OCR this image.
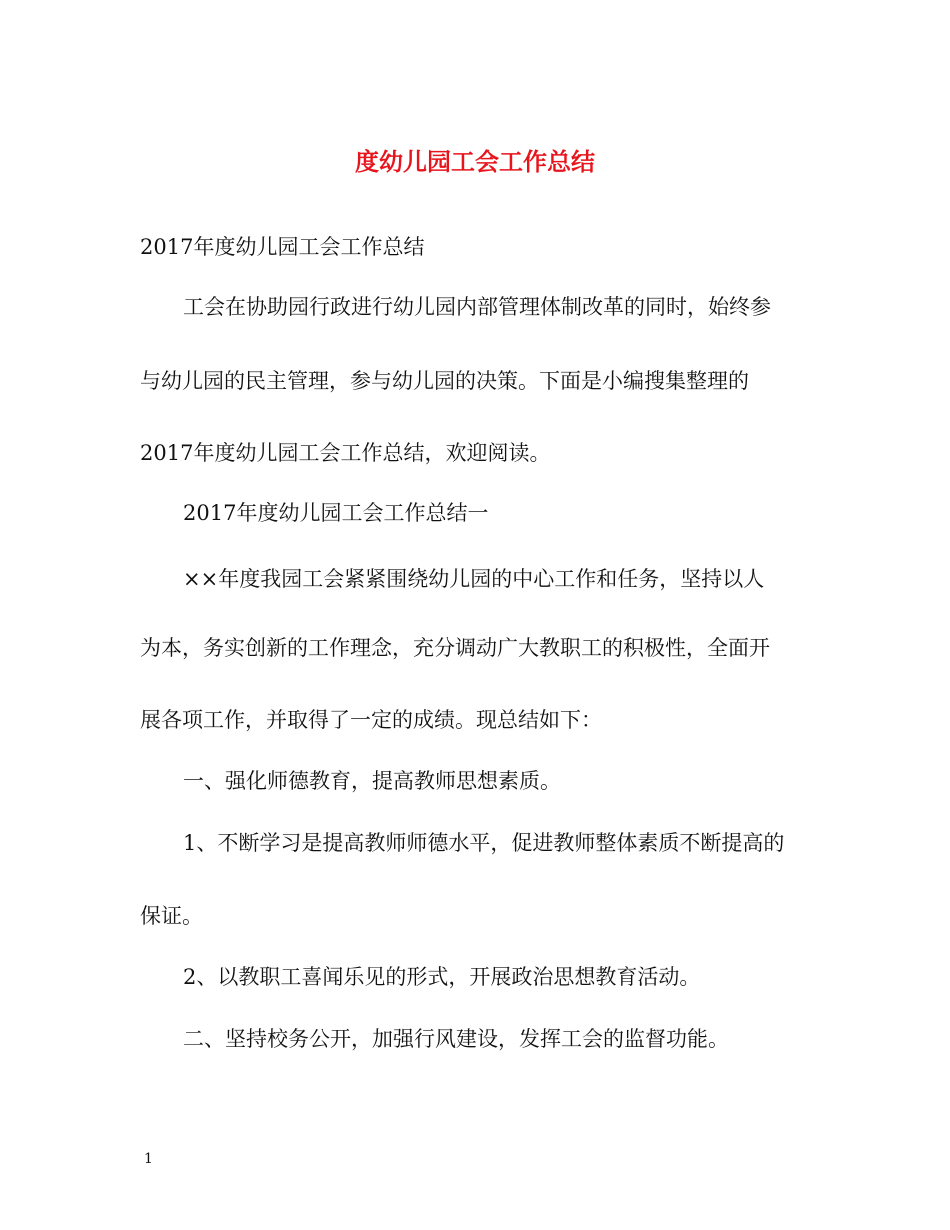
度幼儿园工会工作总结
2017年度幼儿园工会工作总结
工会在协助园行政进行幼儿园内部管理体制改革的同时，始终参
与幼儿园的民主管理，参与幼儿园的决策。下面是小编搜集整理的
2017年度幼儿园工会工作总结，欢迎阅读。
2017年度幼儿园工会工作总结一
××年度我园工会紧紧围绕幼儿园的中心工作和任务，坚持以人
为本，务实创新的工作理念，充分调动广大教职工的积极性，全面开
展各项工作，并取得了一定的成绩。现总结如下：
一、强化师德教育，提高教师思想素质。
1、不断学习是提高教师师德水平，促进教师整体素质不断提高的
保证。
2、以教职工喜闻乐见的形式，开展政治思想教育活动。
二、坚持校务公开，加强行风建设，发挥工会的监督功能。
1
